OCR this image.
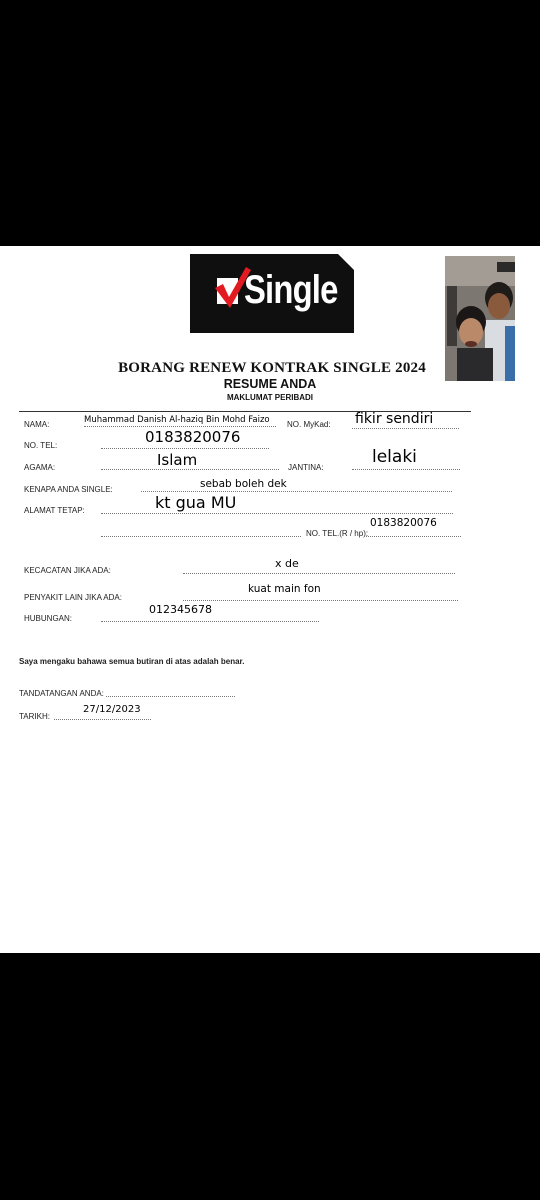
Single
BORANG RENEW KONTRAK SINGLE 2024
RESUME ANDA
MAKLUMAT PERIBADI
NAMA:	Muhammad Danish Al-haziq Bin Mohd Faizo NO. MyKad: fikir sendiri
NO. TEL:	0183820076
AGAMA:	Islam	JANTINA:
lelaki
KENAPA ANDA SINGLE:	sebab boleh dek
ALAMAT TETAP:	kt gua MU
NO. TEL.(R / hp):
0183820076
KECACATAN JIKA ADA:
x de
PENYAKIT LAIN JIKA ADA:
kuat main fon
HUBUNGAN:
012345678
Saya mengaku bahawa semua butiran di atas adalah benar.
TANDATANGAN ANDA:
TARIKH:
27/12/2023
